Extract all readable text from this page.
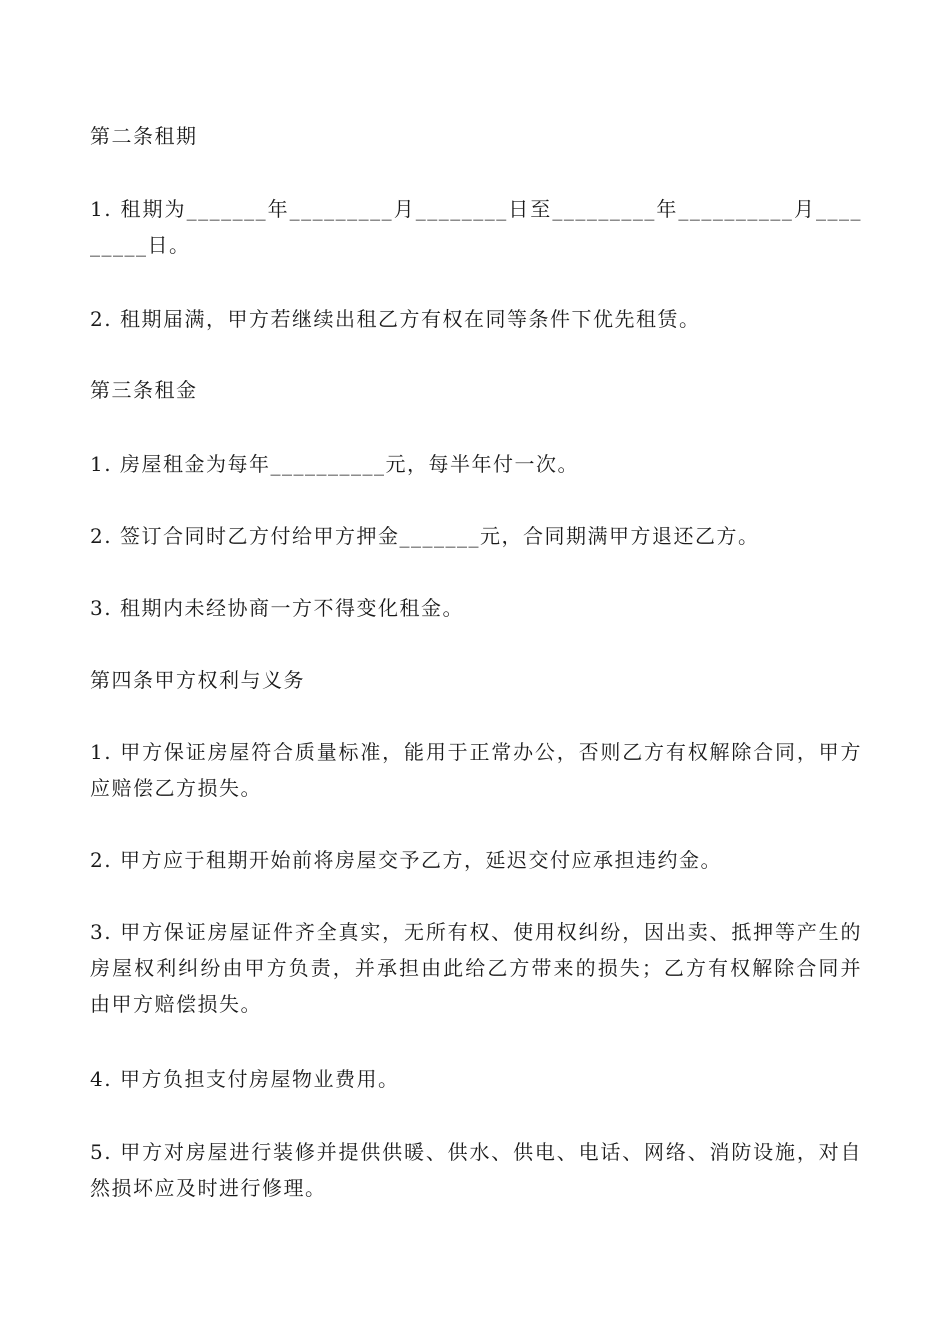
第二条租期

1. 租期为_______年_________月________日至_________年__________月_________日。

2. 租期届满，甲方若继续出租乙方有权在同等条件下优先租赁。

第三条租金

1. 房屋租金为每年__________元，每半年付一次。

2. 签订合同时乙方付给甲方押金_______元，合同期满甲方退还乙方。

3. 租期内未经协商一方不得变化租金。

第四条甲方权利与义务

1. 甲方保证房屋符合质量标准，能用于正常办公，否则乙方有权解除合同，甲方应赔偿乙方损失。

2. 甲方应于租期开始前将房屋交予乙方，延迟交付应承担违约金。

3. 甲方保证房屋证件齐全真实，无所有权、使用权纠纷，因出卖、抵押等产生的房屋权利纠纷由甲方负责，并承担由此给乙方带来的损失；乙方有权解除合同并由甲方赔偿损失。

4. 甲方负担支付房屋物业费用。

5. 甲方对房屋进行装修并提供供暖、供水、供电、电话、网络、消防设施，对自然损坏应及时进行修理。
